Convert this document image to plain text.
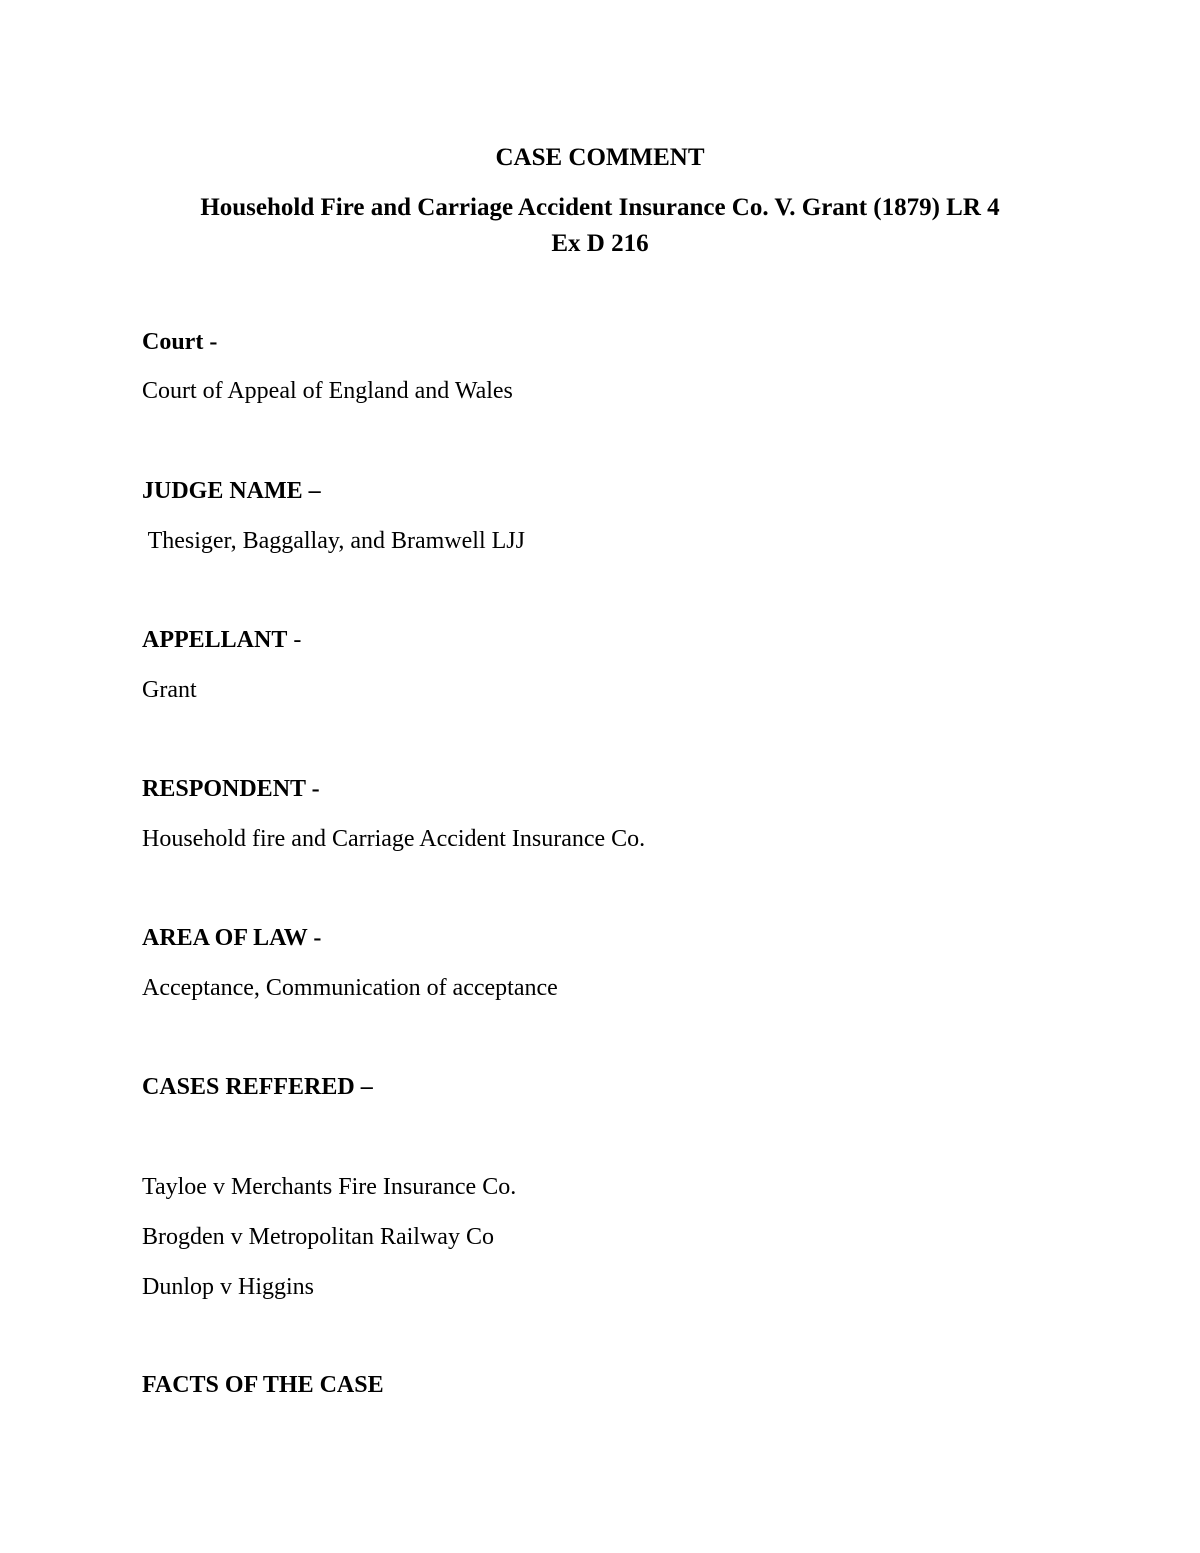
CASE COMMENT
Household Fire and Carriage Accident Insurance Co. V. Grant (1879) LR 4
Ex D 216
Court -
Court of Appeal of England and Wales
JUDGE NAME –
Thesiger, Baggallay, and Bramwell LJJ
APPELLANT -
Grant
RESPONDENT -
Household fire and Carriage Accident Insurance Co.
AREA OF LAW -
Acceptance, Communication of acceptance
CASES REFFERED –
Tayloe v Merchants Fire Insurance Co.
Brogden v Metropolitan Railway Co
Dunlop v Higgins
FACTS OF THE CASE
